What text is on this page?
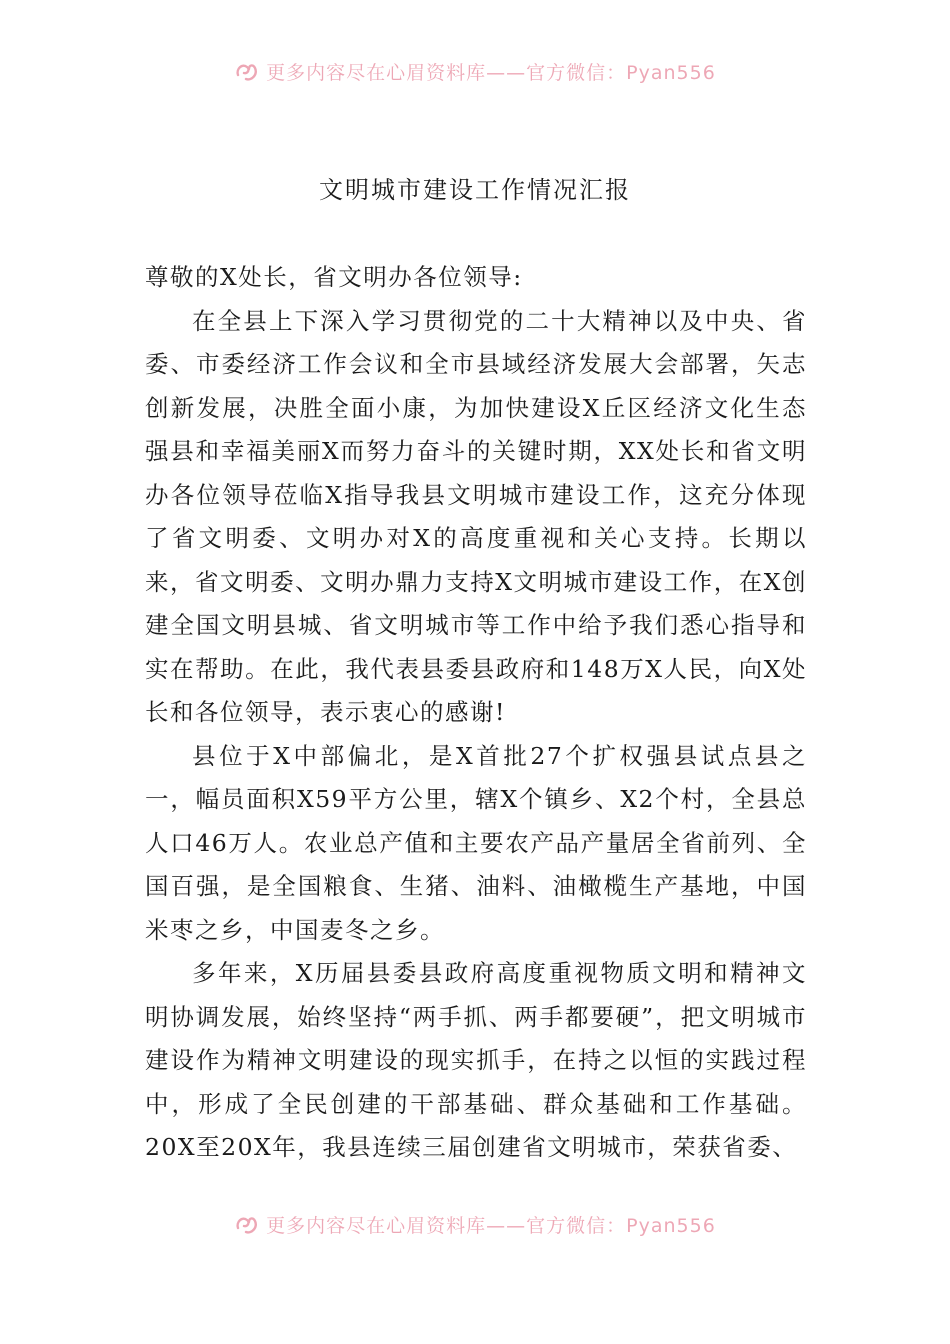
更多内容尽在心眉资料库——官方微信：Pyan556
文明城市建设工作情况汇报

尊敬的X处长，省文明办各位领导:

在全县上下深入学习贯彻党的二十大精神以及中央、省委、市委经济工作会议和全市县域经济发展大会部署，矢志创新发展，决胜全面小康，为加快建设X丘区经济文化生态强县和幸福美丽X而努力奋斗的关键时期，XX处长和省文明办各位领导莅临X指导我县文明城市建设工作，这充分体现了省文明委、文明办对X的高度重视和关心支持。长期以来，省文明委、文明办鼎力支持X文明城市建设工作，在X创建全国文明县城、省文明城市等工作中给予我们悉心指导和实在帮助。在此，我代表县委县政府和148万X人民，向X处长和各位领导，表示衷心的感谢!

县位于X中部偏北，是X首批27个扩权强县试点县之一，幅员面积X59平方公里，辖X个镇乡、X2个村，全县总人口46万人。农业总产值和主要农产品产量居全省前列、全国百强，是全国粮食、生猪、油料、油橄榄生产基地，中国米枣之乡，中国麦冬之乡。

多年来，X历届县委县政府高度重视物质文明和精神文明协调发展，始终坚持“两手抓、两手都要硬”，把文明城市建设作为精神文明建设的现实抓手，在持之以恒的实践过程中，形成了全民创建的干部基础、群众基础和工作基础。20X至20X年，我县连续三届创建省文明城市，荣获省委、

更多内容尽在心眉资料库——官方微信：Pyan556
